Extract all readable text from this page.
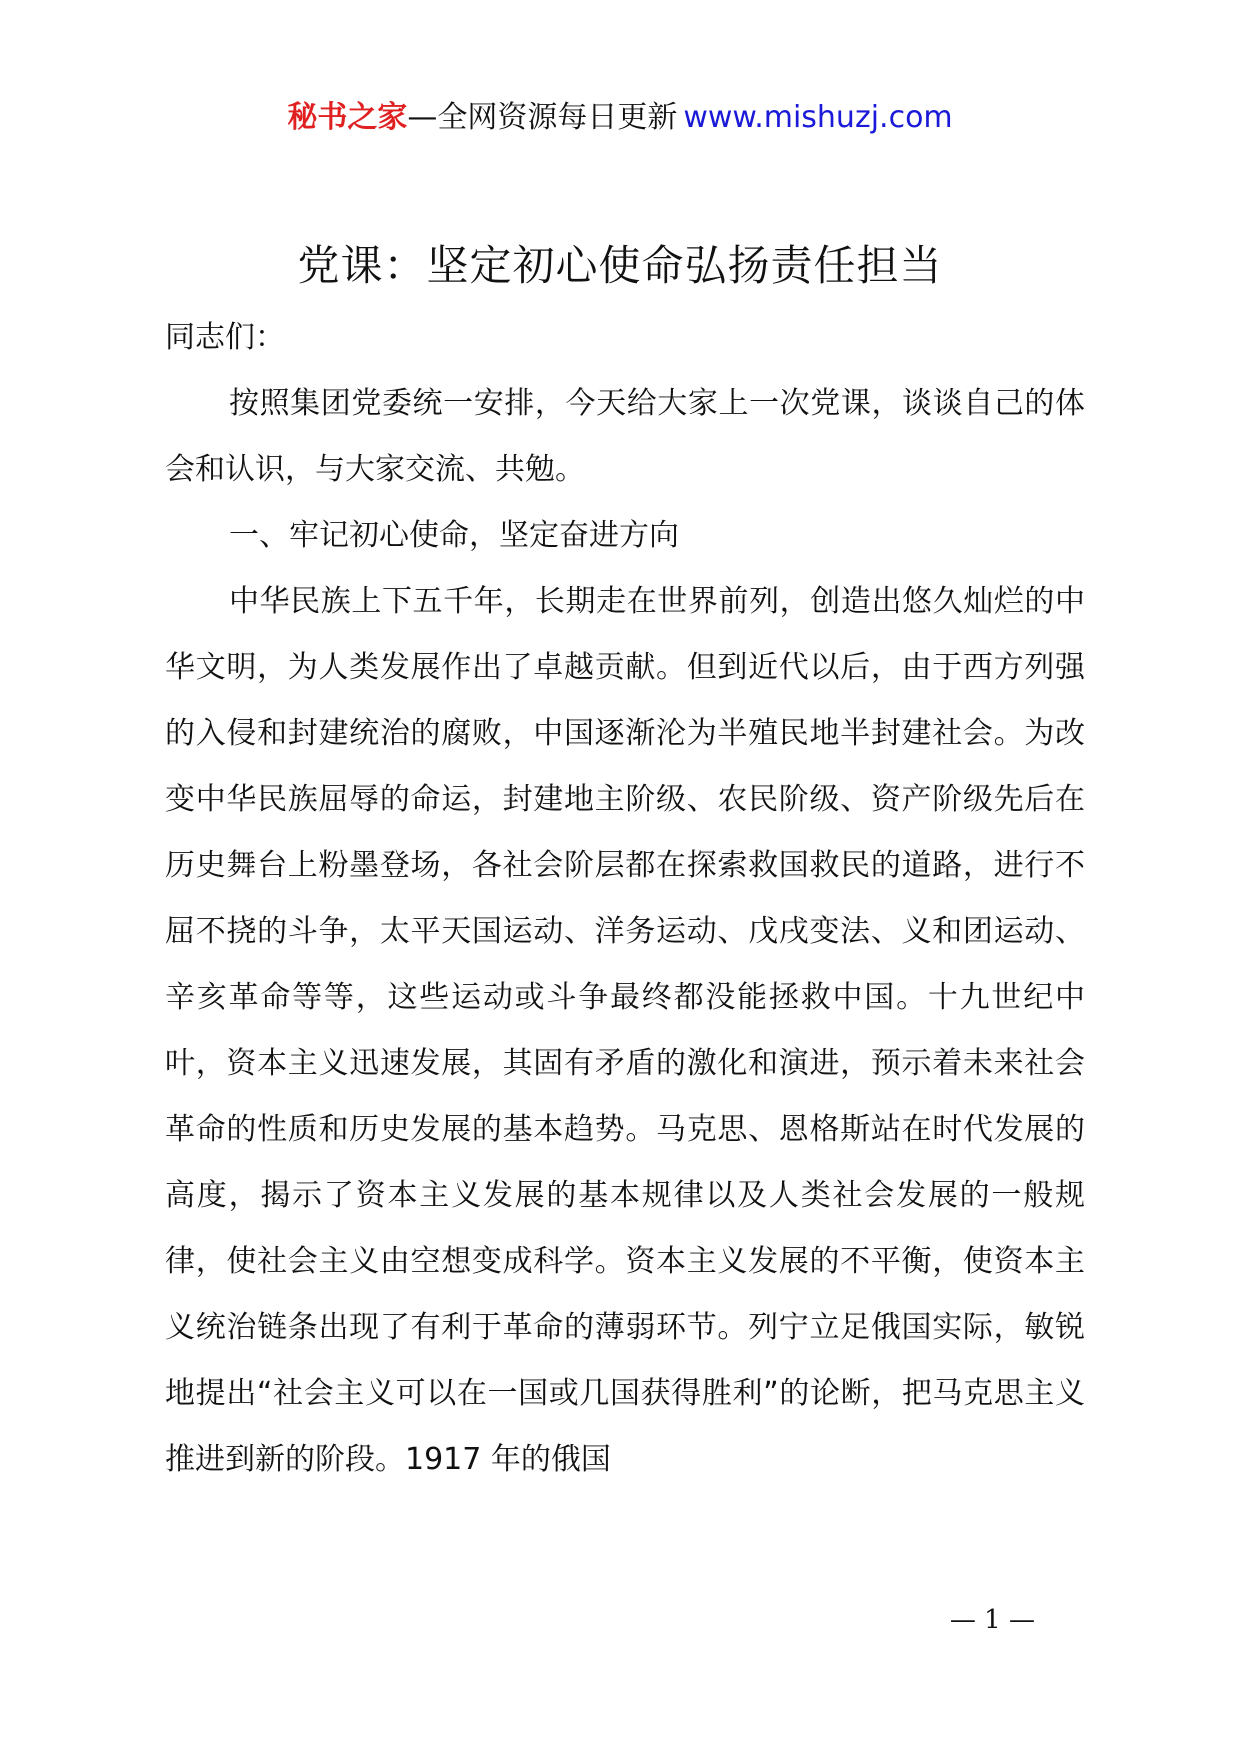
秘书之家—全网资源每日更新 www.mishuzj.com
党课：坚定初心使命弘扬责任担当

同志们：

按照集团党委统一安排，今天给大家上一次党课，谈谈自己的体会和认识，与大家交流、共勉。

一、牢记初心使命，坚定奋进方向

中华民族上下五千年，长期走在世界前列，创造出悠久灿烂的中华文明，为人类发展作出了卓越贡献。但到近代以后，由于西方列强的入侵和封建统治的腐败，中国逐渐沦为半殖民地半封建社会。为改变中华民族屈辱的命运，封建地主阶级、农民阶级、资产阶级先后在历史舞台上粉墨登场，各社会阶层都在探索救国救民的道路，进行不屈不挠的斗争，太平天国运动、洋务运动、戊戌变法、义和团运动、辛亥革命等等，这些运动或斗争最终都没能拯救中国。十九世纪中叶，资本主义迅速发展，其固有矛盾的激化和演进，预示着未来社会革命的性质和历史发展的基本趋势。马克思、恩格斯站在时代发展的高度，揭示了资本主义发展的基本规律以及人类社会发展的一般规律，使社会主义由空想变成科学。资本主义发展的不平衡，使资本主义统治链条出现了有利于革命的薄弱环节。列宁立足俄国实际，敏锐地提出“社会主义可以在一国或几国获得胜利”的论断，把马克思主义推进到新的阶段。1917 年的俄国

— 1 —
